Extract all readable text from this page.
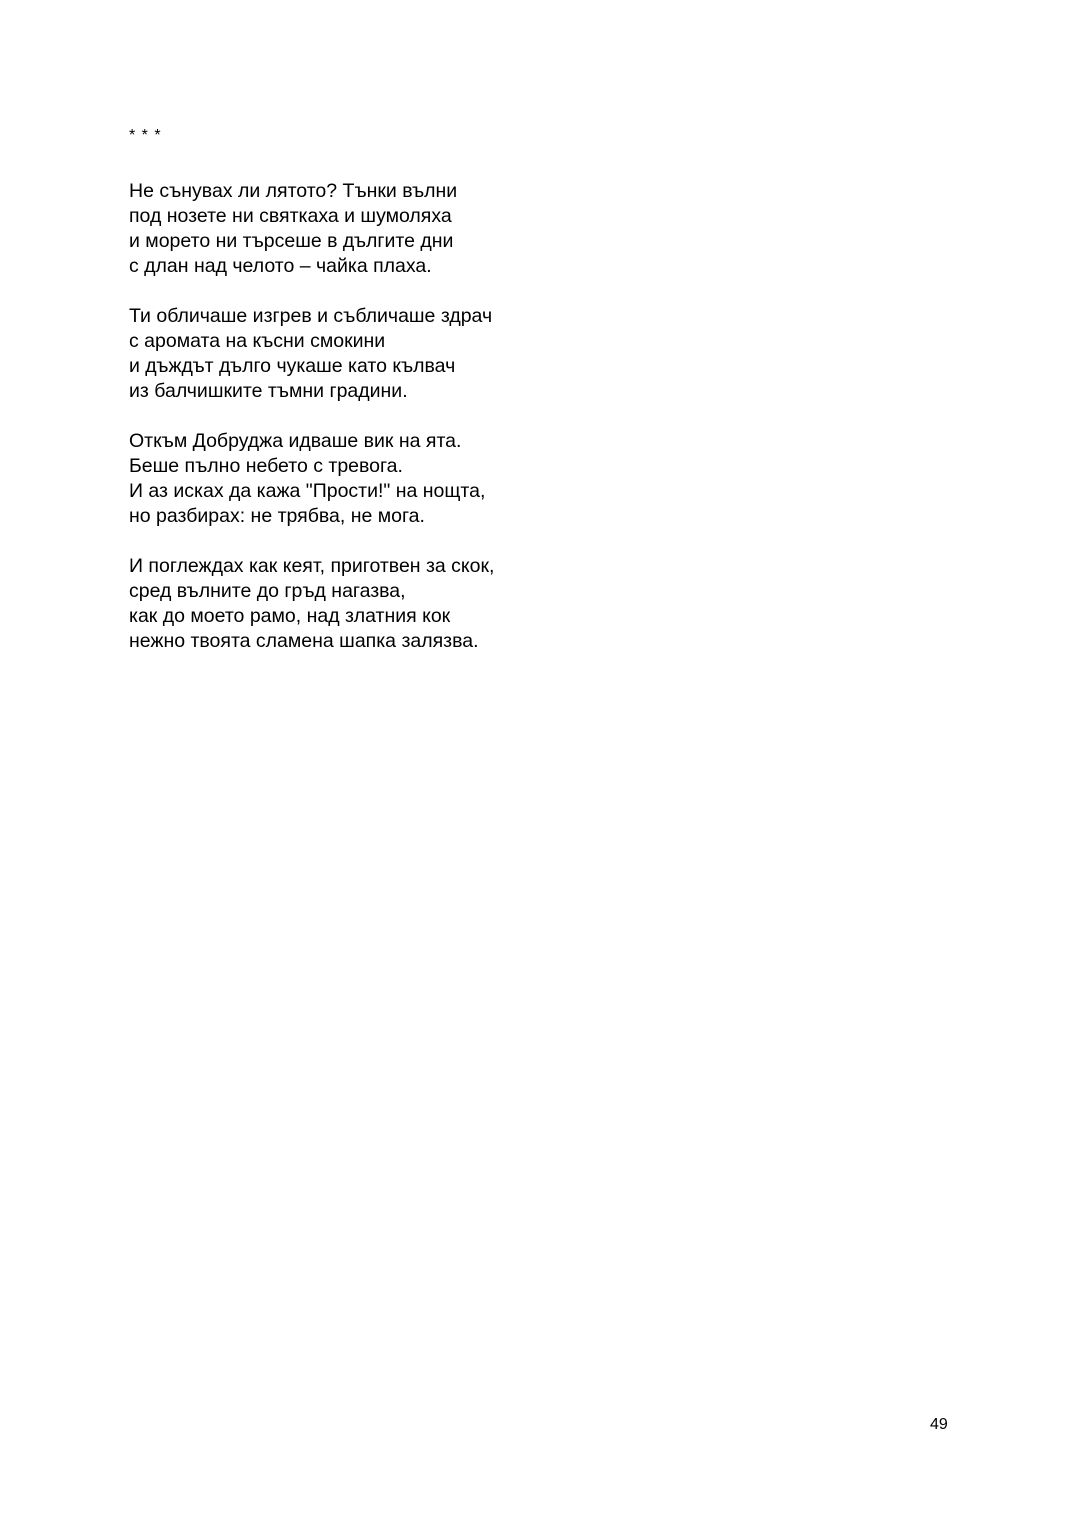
* * *
Не сънувах ли лятото? Тънки вълни
под нозете ни святкаха и шумоляха
и морето ни търсеше в дългите дни
с длан над челото – чайка плаха.
Ти обличаше изгрев и събличаше здрач
с аромата на късни смокини
и дъждът дълго чукаше като кълвач
из балчишките тъмни градини.
Откъм Добруджа идваше вик на ята.
Беше пълно небето с тревога.
И аз исках да кажа "Прости!" на нощта,
но разбирах: не трябва, не мога.
И поглеждах как кеят, приготвен за скок,
сред вълните до гръд нагазва,
как до моето рамо, над златния кок
нежно твоята сламена шапка залязва.
49
